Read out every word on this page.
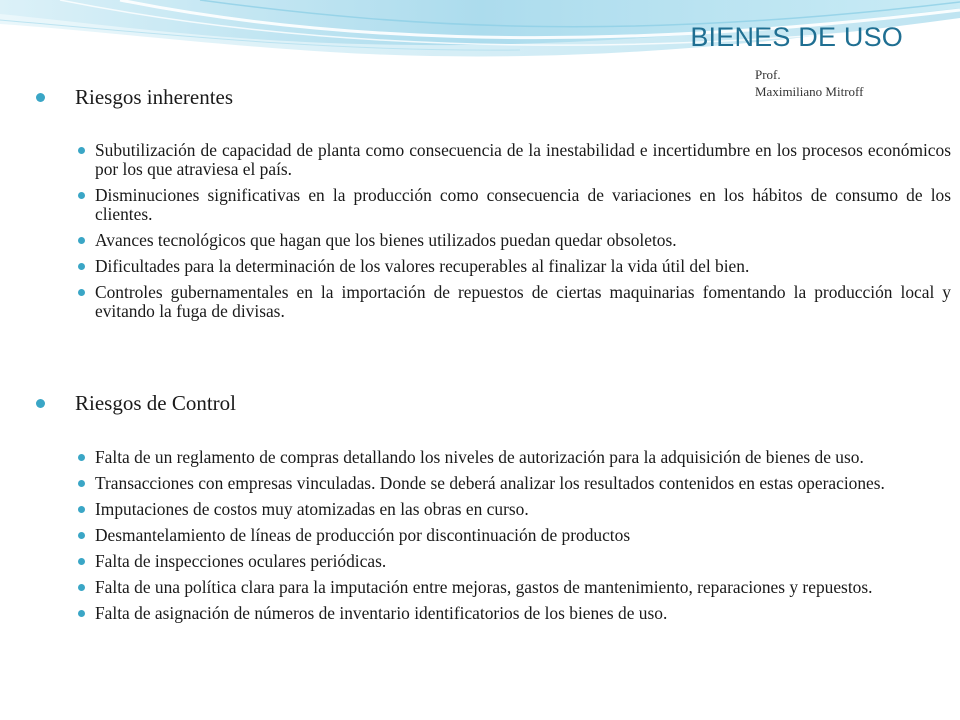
BIENES DE USO
Prof.
Maximiliano Mitroff
Riesgos inherentes
Subutilización de capacidad de planta como consecuencia de la inestabilidad e incertidumbre en los procesos económicos por los que atraviesa el país.
Disminuciones significativas en la producción como consecuencia de variaciones en los hábitos de consumo de los clientes.
Avances tecnológicos que hagan que los bienes utilizados puedan quedar obsoletos.
Dificultades para la determinación de los valores recuperables al finalizar la vida útil del bien.
Controles gubernamentales en la importación de repuestos de ciertas maquinarias fomentando la producción local y evitando la fuga de divisas.
Riesgos de Control
Falta de un reglamento de compras detallando los niveles de autorización para la adquisición de bienes de uso.
Transacciones con empresas vinculadas. Donde se deberá analizar los resultados contenidos en estas operaciones.
Imputaciones de costos muy atomizadas en las obras en curso.
Desmantelamiento de líneas de producción por discontinuación de productos
Falta de inspecciones oculares periódicas.
Falta de una política clara para la imputación entre mejoras, gastos de mantenimiento, reparaciones y repuestos.
Falta de asignación de números de inventario identificatorios de los bienes de uso.
